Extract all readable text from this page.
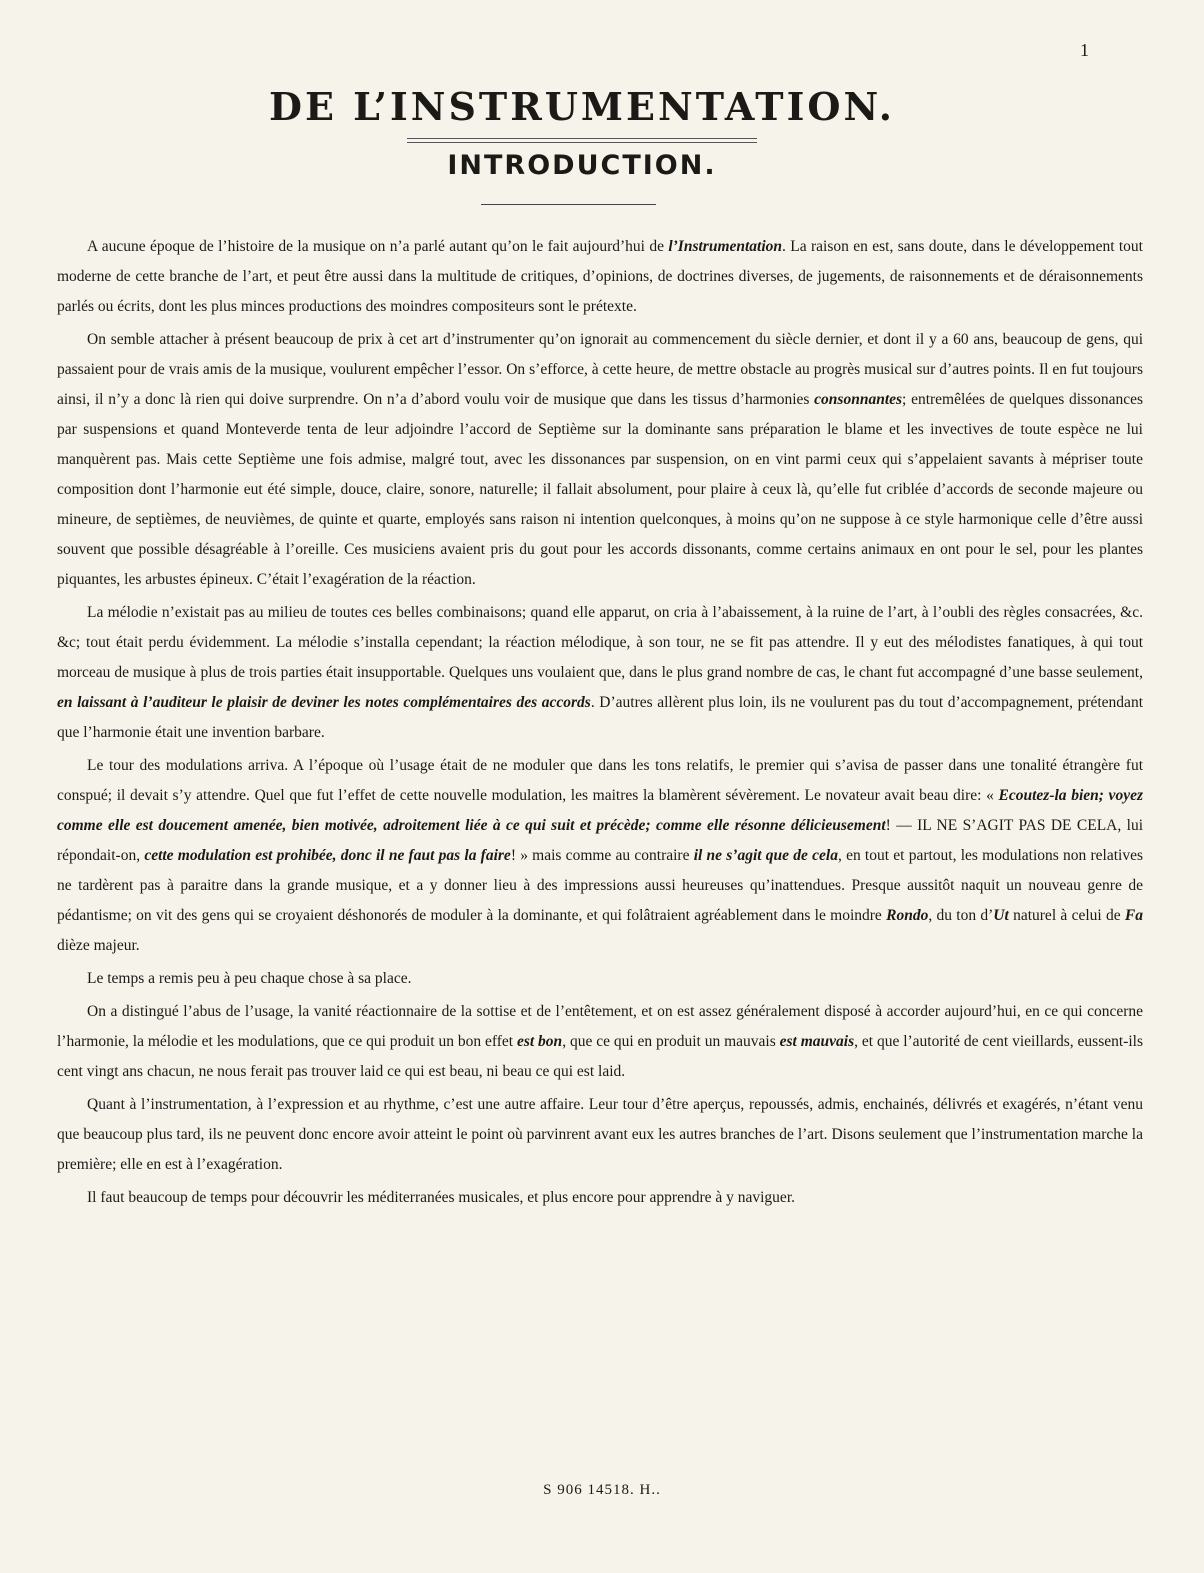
1
DE L’INSTRUMENTATION.
INTRODUCTION.

A aucune époque de l’histoire de la musique on n’a parlé autant qu’on le fait aujourd’hui de l’Instrumentation. La raison en est, sans doute, dans le développement tout moderne de cette branche de l’art, et peut être aussi dans la multitude de critiques, d’opinions, de doctrines diverses, de jugements, de raisonnements et de déraisonnements parlés ou écrits, dont les plus minces productions des moindres compositeurs sont le prétexte.

On semble attacher à présent beaucoup de prix à cet art d’instrumenter qu’on ignorait au commencement du siècle dernier, et dont il y a 60 ans, beaucoup de gens, qui passaient pour de vrais amis de la musique, voulurent empêcher l’essor. On s’efforce, à cette heure, de mettre obstacle au progrès musical sur d’autres points. Il en fut toujours ainsi, il n’y a donc là rien qui doive surprendre. On n’a d’abord voulu voir de musique que dans les tissus d’harmonies consonnantes; entremêlées de quelques dissonances par suspensions et quand Monteverde tenta de leur adjoindre l’accord de Septième sur la dominante sans préparation le blame et les invectives de toute espèce ne lui manquèrent pas. Mais cette Septième une fois admise, malgré tout, avec les dissonances par suspension, on en vint parmi ceux qui s’appelaient savants à mépriser toute composition dont l’harmonie eut été simple, douce, claire, sonore, naturelle; il fallait absolument, pour plaire à ceux là, qu’elle fut criblée d’accords de seconde majeure ou mineure, de septièmes, de neuvièmes, de quinte et quarte, employés sans raison ni intention quelconques, à moins qu’on ne suppose à ce style harmonique celle d’être aussi souvent que possible désagréable à l’oreille. Ces musiciens avaient pris du gout pour les accords dissonants, comme certains animaux en ont pour le sel, pour les plantes piquantes, les arbustes épineux. C’était l’exagération de la réaction.

La mélodie n’existait pas au milieu de toutes ces belles combinaisons; quand elle apparut, on cria à l’abaissement, à la ruine de l’art, à l’oubli des règles consacrées, &c. &c; tout était perdu évidemment. La mélodie s’installa cependant; la réaction mélodique, à son tour, ne se fit pas attendre. Il y eut des mélodistes fanatiques, à qui tout morceau de musique à plus de trois parties était insupportable. Quelques uns voulaient que, dans le plus grand nombre de cas, le chant fut accompagné d’une basse seulement, en laissant à l’auditeur le plaisir de deviner les notes complémentaires des accords. D’autres allèrent plus loin, ils ne voulurent pas du tout d’accompagnement, prétendant que l’harmonie était une invention barbare.

Le tour des modulations arriva. A l’époque où l’usage était de ne moduler que dans les tons relatifs, le premier qui s’avisa de passer dans une tonalité étrangère fut conspué; il devait s’y attendre. Quel que fut l’effet de cette nouvelle modulation, les maitres la blamèrent sévèrement. Le novateur avait beau dire: « Ecoutez-la bien; voyez comme elle est doucement amenée, bien motivée, adroitement liée à ce qui suit et précède; comme elle résonne délicieusement! — IL NE S’AGIT PAS DE CELA, lui répondait-on, cette modulation est prohibée, donc il ne faut pas la faire! » mais comme au contraire il ne s’agit que de cela, en tout et partout, les modulations non relatives ne tardèrent pas à paraitre dans la grande musique, et a y donner lieu à des impressions aussi heureuses qu’inattendues. Presque aussitôt naquit un nouveau genre de pédantisme; on vit des gens qui se croyaient déshonorés de moduler à la dominante, et qui folâtraient agréablement dans le moindre Rondo, du ton d’Ut naturel à celui de Fa dièze majeur.

Le temps a remis peu à peu chaque chose à sa place.

On a distingué l’abus de l’usage, la vanité réactionnaire de la sottise et de l’entêtement, et on est assez généralement disposé à accorder aujourd’hui, en ce qui concerne l’harmonie, la mélodie et les modulations, que ce qui produit un bon effet est bon, que ce qui en produit un mauvais est mauvais, et que l’autorité de cent vieillards, eussent-ils cent vingt ans chacun, ne nous ferait pas trouver laid ce qui est beau, ni beau ce qui est laid.

Quant à l’instrumentation, à l’expression et au rhythme, c’est une autre affaire. Leur tour d’être aperçus, repoussés, admis, enchainés, délivrés et exagérés, n’étant venu que beaucoup plus tard, ils ne peuvent donc encore avoir atteint le point où parvinrent avant eux les autres branches de l’art. Disons seulement que l’instrumentation marche la première; elle en est à l’exagération.

Il faut beaucoup de temps pour découvrir les méditerranées musicales, et plus encore pour apprendre à y naviguer.

S 906 14518. H..
